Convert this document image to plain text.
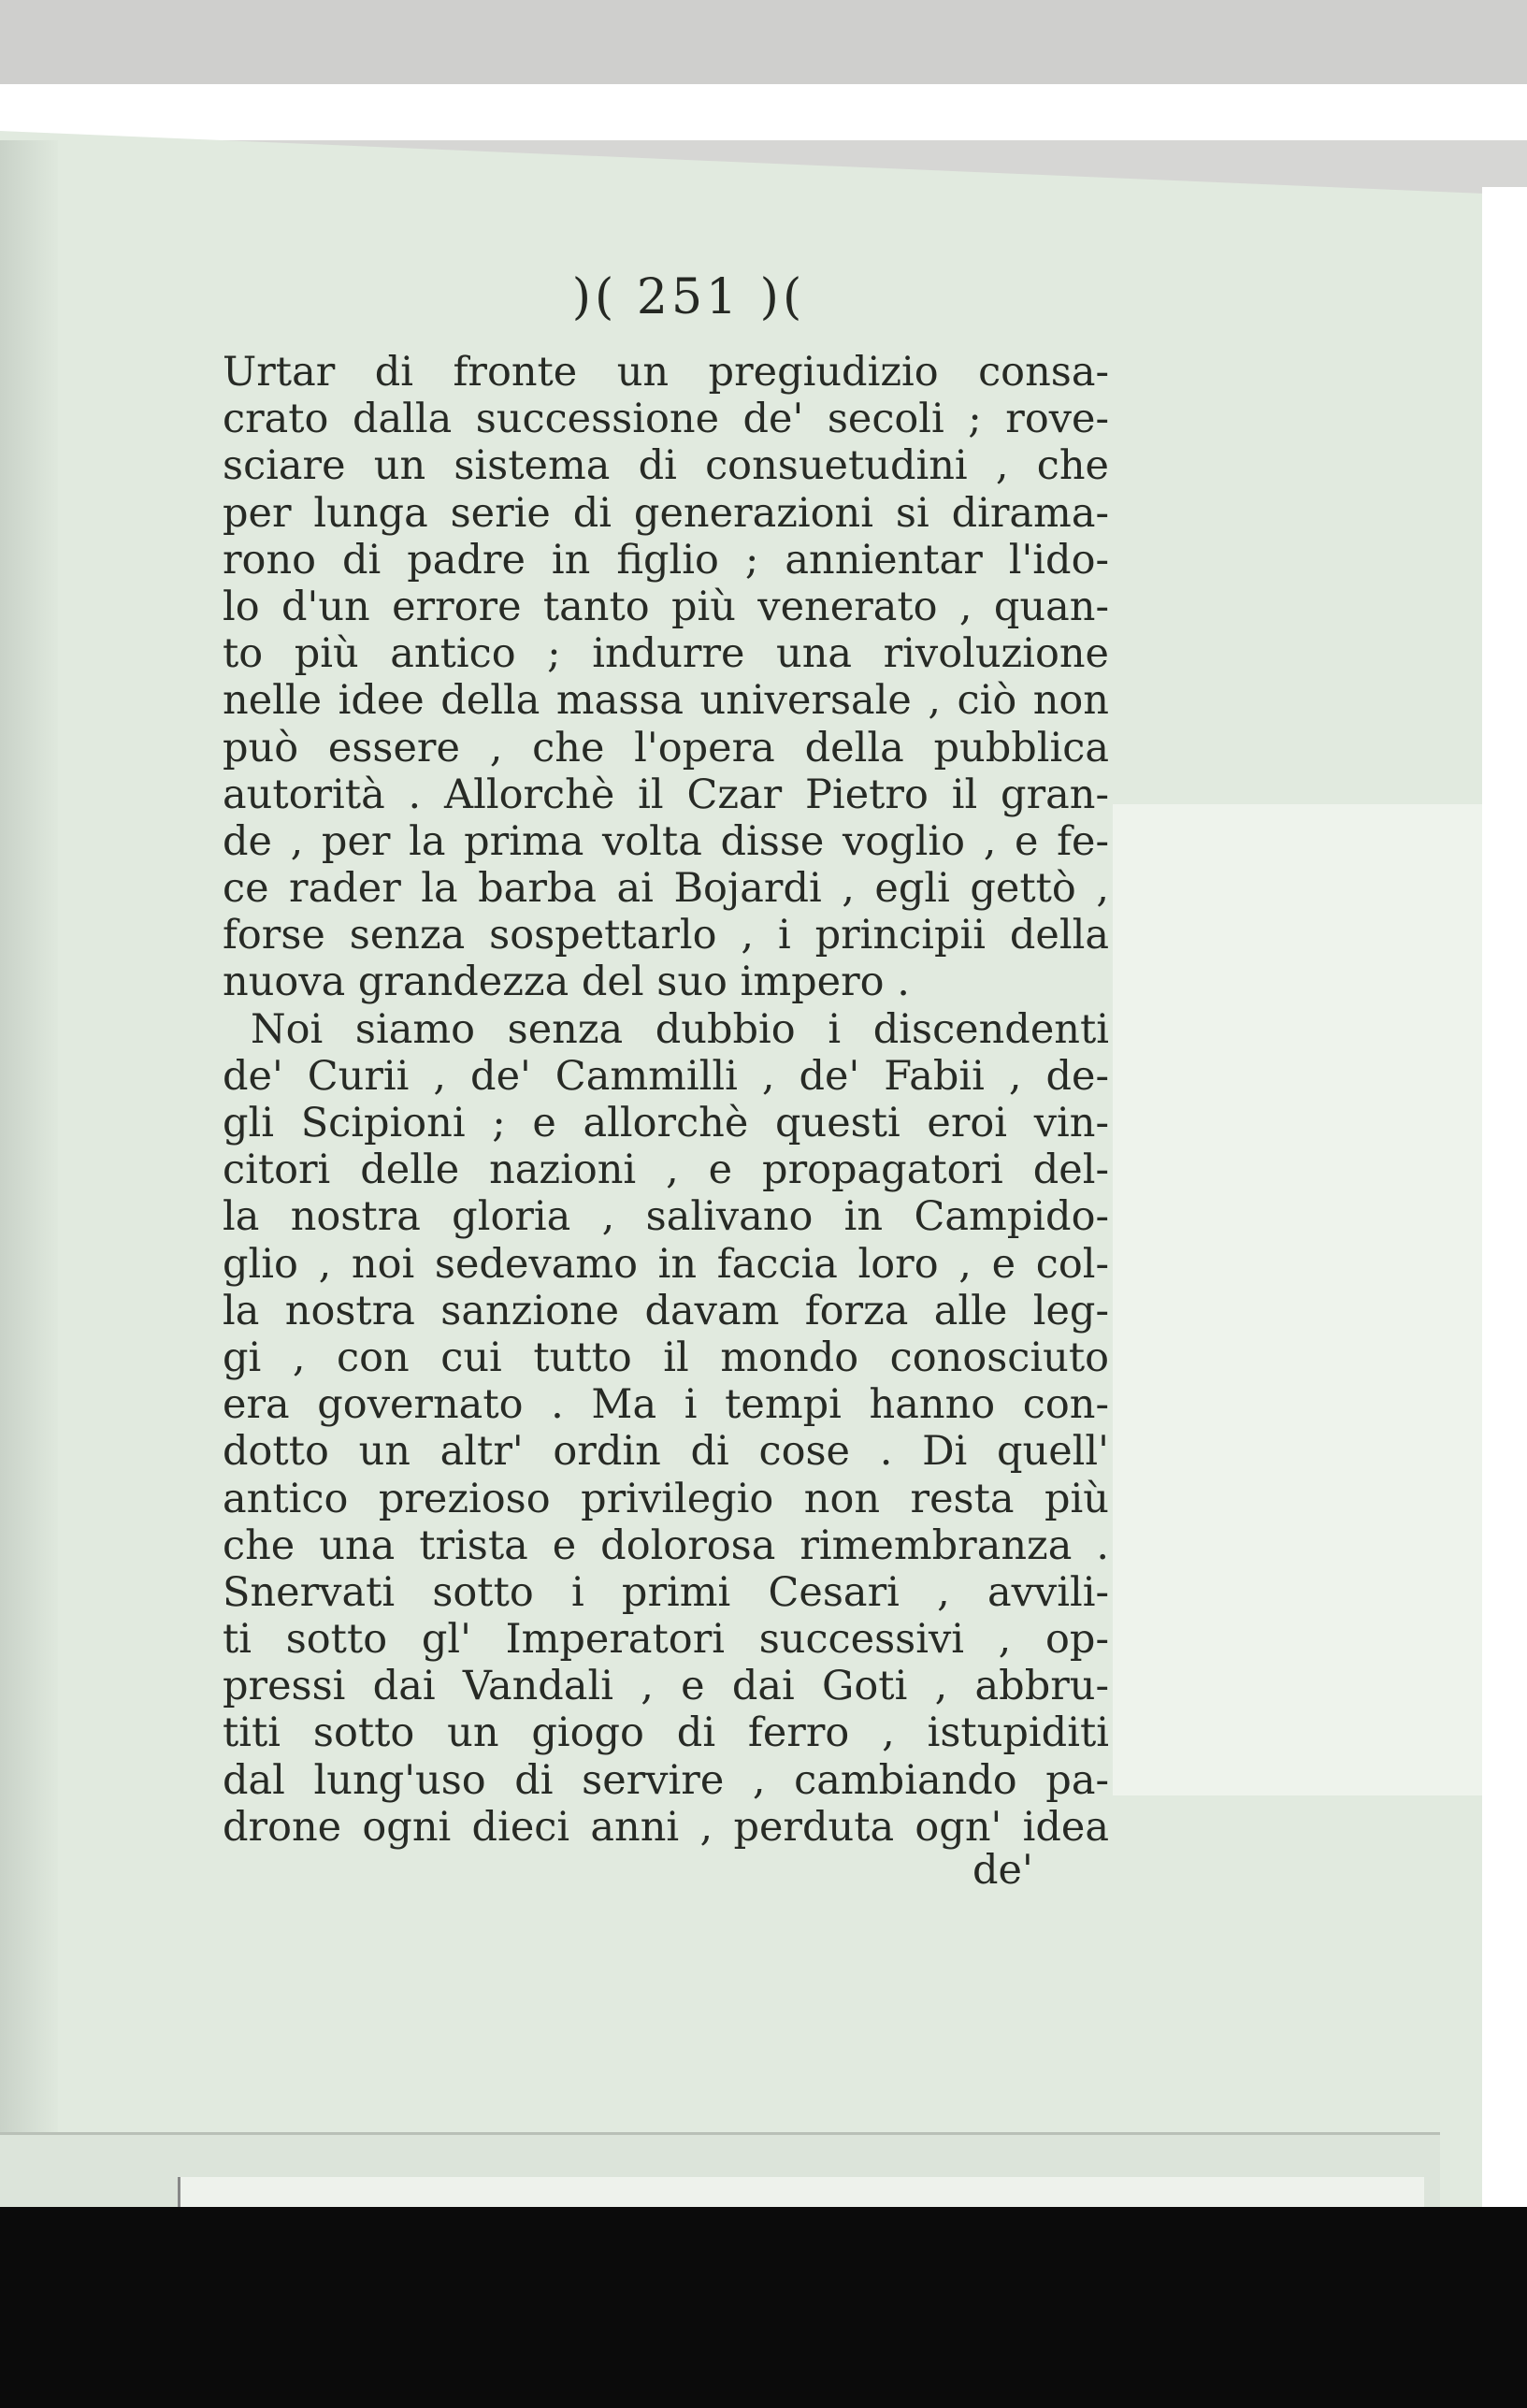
)( 251 )(
Urtar di fronte un pregiudizio consa-
crato dalla successione de' secoli ; rove-
sciare un sistema di consuetudini , che
per lunga serie di generazioni si dirama-
rono di padre in figlio ; annientar l'ido-
lo d'un errore tanto più venerato , quan-
to più antico ; indurre una rivoluzione
nelle idee della massa universale , ciò non
può essere , che l'opera della pubblica
autorità . Allorchè il Czar Pietro il gran-
de , per la prima volta disse voglio , e fe-
ce rader la barba ai Bojardi , egli gettò ,
forse senza sospettarlo , i principii della
nuova grandezza del suo impero .
Noi siamo senza dubbio i discendenti
de' Curii , de' Cammilli , de' Fabii , de-
gli Scipioni ; e allorchè questi eroi vin-
citori delle nazioni , e propagatori del-
la nostra gloria , salivano in Campido-
glio , noi sedevamo in faccia loro , e col-
la nostra sanzione davam forza alle leg-
gi , con cui tutto il mondo conosciuto
era governato . Ma i tempi hanno con-
dotto un altr' ordin di cose . Di quell'
antico prezioso privilegio non resta più
che una trista e dolorosa rimembranza .
Snervati sotto i primi Cesari , avvili-
ti sotto gl' Imperatori successivi , op-
pressi dai Vandali , e dai Goti , abbru-
titi sotto un giogo di ferro , istupiditi
dal lung'uso di servire , cambiando pa-
drone ogni dieci anni , perduta ogn' idea
de'
